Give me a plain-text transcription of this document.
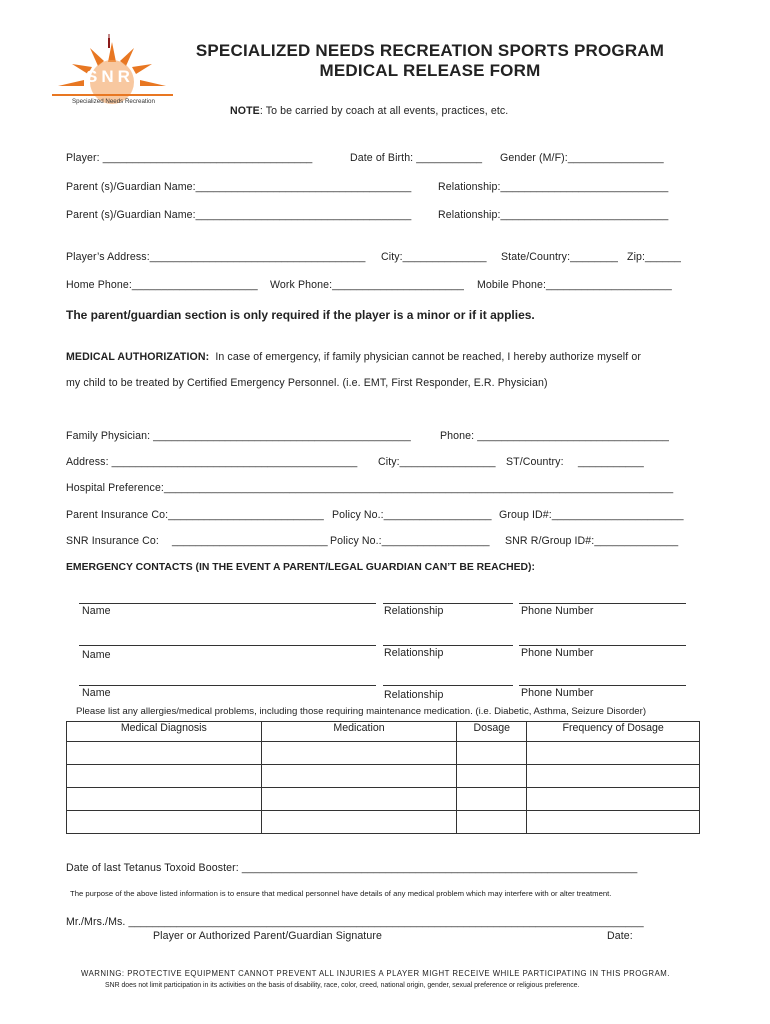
SNR
Specialized Needs Recreation
SPECIALIZED NEEDS RECREATION SPORTS PROGRAM
MEDICAL RELEASE FORM
NOTE: To be carried by coach at all events, practices, etc.
Player: ___________________________________	Date of Birth: ___________ Gender (M/F):________________
Parent (s)/Guardian Name:____________________________________	Relationship:____________________________
Parent (s)/Guardian Name:____________________________________	Relationship:____________________________
Player’s Address:____________________________________ City:______________ State/Country:________ Zip:______
Home Phone:_____________________ Work Phone:______________________ Mobile Phone:_____________________
The parent/guardian section is only required if the player is a minor or if it applies.
MEDICAL AUTHORIZATION: In case of emergency, if family physician cannot be reached, I hereby authorize myself or
my child to be treated by Certified Emergency Personnel. (i.e. EMT, First Responder, E.R. Physician)
Family Physician: ___________________________________________	Phone: ________________________________
Address: _________________________________________ City:________________ ST/Country: ___________
Hospital Preference:_____________________________________________________________________________________
Parent Insurance Co:__________________________ Policy No.:__________________ Group ID#:______________________
SNR Insurance Co: __________________________ Policy No.:__________________ SNR R/Group ID#:______________
EMERGENCY CONTACTS (IN THE EVENT A PARENT/LEGAL GUARDIAN CAN’T BE REACHED):
Name	Relationship	Phone Number
Name	Relationship	Phone Number
Name	Relationship	Phone Number
Please list any allergies/medical problems, including those requiring maintenance medication. (i.e. Diabetic, Asthma, Seizure Disorder)
Medical Diagnosis	Medication	Dosage	Frequency of Dosage

Date of last Tetanus Toxoid Booster: __________________________________________________________________
The purpose of the above listed information is to ensure that medical personnel have details of any medical problem which may interfere with or alter treatment.
Mr./Mrs./Ms. ______________________________________________________________________________________
Player or Authorized Parent/Guardian Signature	Date:
WARNING: PROTECTIVE EQUIPMENT CANNOT PREVENT ALL INJURIES A PLAYER MIGHT RECEIVE WHILE PARTICIPATING IN THIS PROGRAM.
SNR does not limit participation in its activities on the basis of disability, race, color, creed, national origin, gender, sexual preference or religious preference.
